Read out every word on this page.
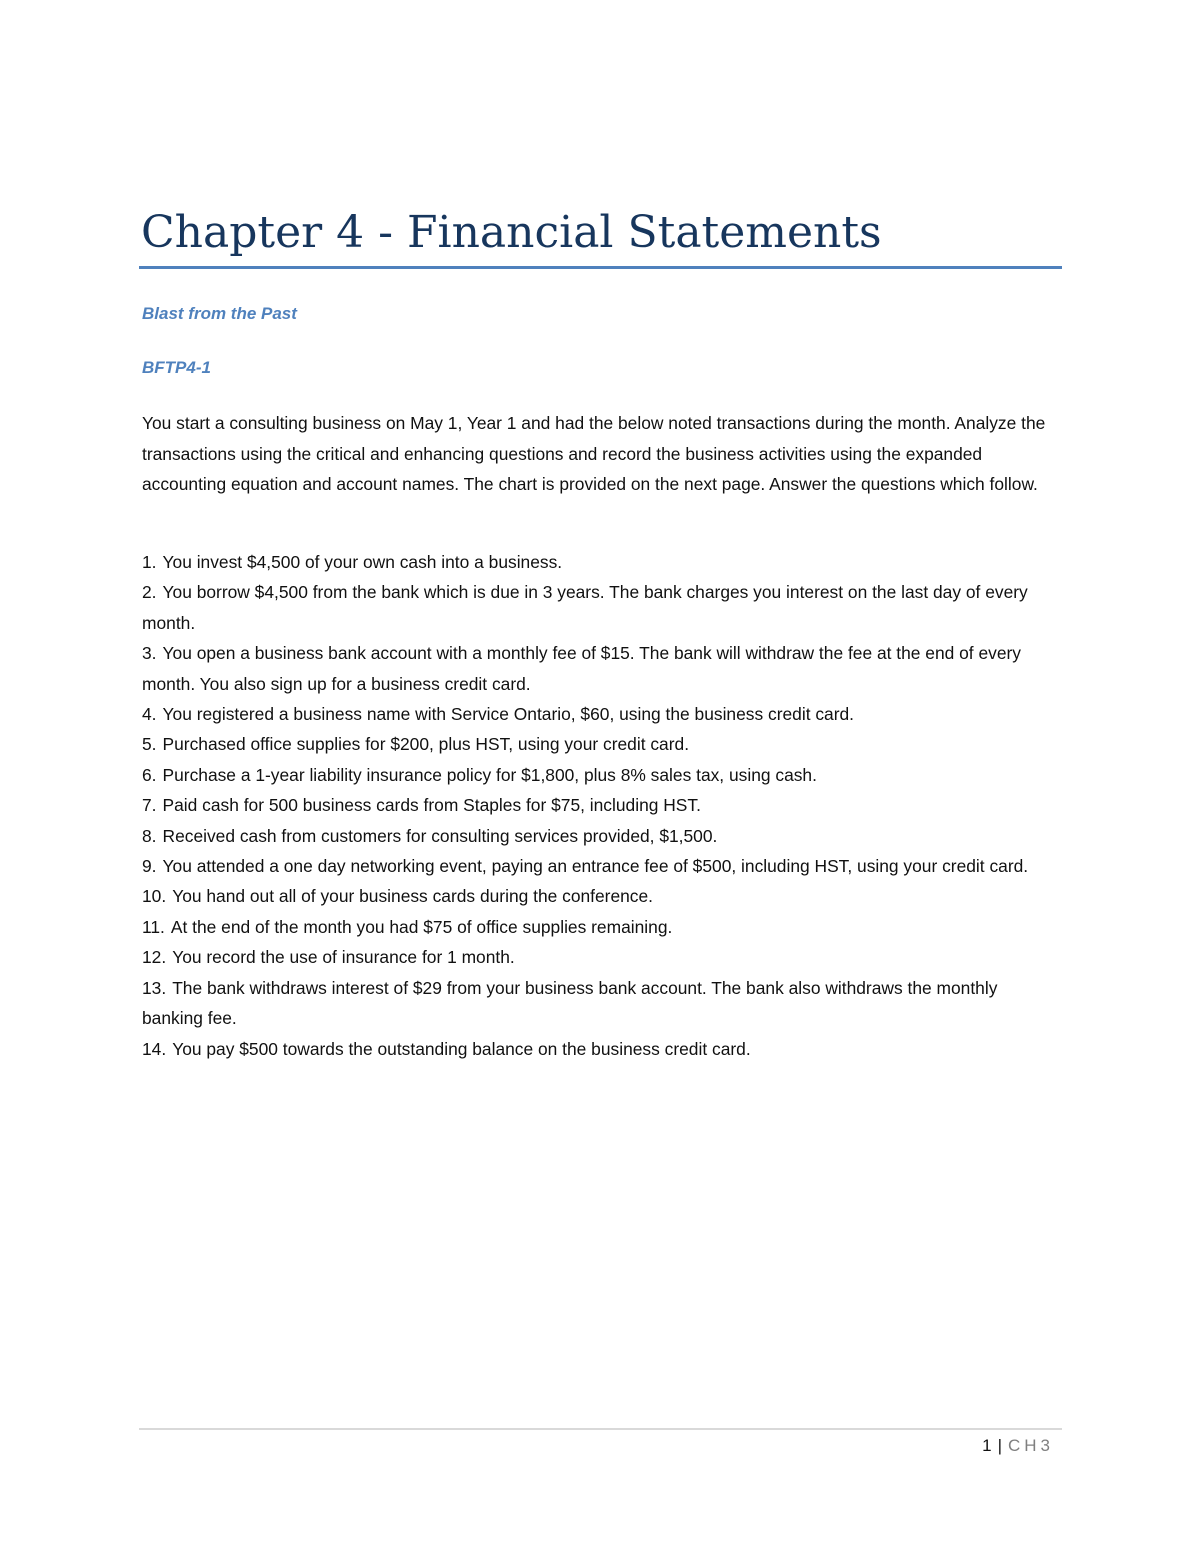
Chapter 4 - Financial Statements

Blast from the Past

BFTP4-1

You start a consulting business on May 1, Year 1 and had the below noted transactions during the month. Analyze the transactions using the critical and enhancing questions and record the business activities using the expanded accounting equation and account names. The chart is provided on the next page. Answer the questions which follow.

1. You invest $4,500 of your own cash into a business.
2. You borrow $4,500 from the bank which is due in 3 years. The bank charges you interest on the last day of every month.
3. You open a business bank account with a monthly fee of $15. The bank will withdraw the fee at the end of every month. You also sign up for a business credit card.
4. You registered a business name with Service Ontario, $60, using the business credit card.
5. Purchased office supplies for $200, plus HST, using your credit card.
6. Purchase a 1-year liability insurance policy for $1,800, plus 8% sales tax, using cash.
7. Paid cash for 500 business cards from Staples for $75, including HST.
8. Received cash from customers for consulting services provided, $1,500.
9. You attended a one day networking event, paying an entrance fee of $500, including HST, using your credit card.
10. You hand out all of your business cards during the conference.
11. At the end of the month you had $75 of office supplies remaining.
12. You record the use of insurance for 1 month.
13. The bank withdraws interest of $29 from your business bank account. The bank also withdraws the monthly banking fee.
14. You pay $500 towards the outstanding balance on the business credit card.
1 | CH3
